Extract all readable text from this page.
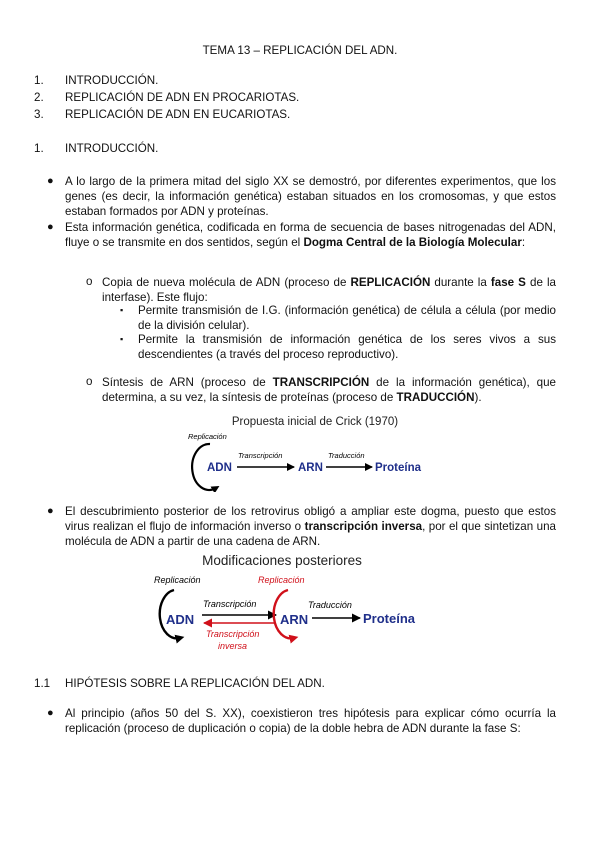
TEMA 13 – REPLICACIÓN DEL ADN.
1. INTRODUCCIÓN.
2. REPLICACIÓN DE ADN EN PROCARIOTAS.
3. REPLICACIÓN DE ADN EN EUCARIOTAS.
1. INTRODUCCIÓN.
● A lo largo de la primera mitad del siglo XX se demostró, por diferentes experimentos, que los genes (es decir, la información genética) estaban situados en los cromosomas, y que estos estaban formados por ADN y proteínas.

● Esta información genética, codificada en forma de secuencia de bases nitrogenadas del ADN, fluye o se transmite en dos sentidos, según el Dogma Central de la Biología Molecular:

o Copia de nueva molécula de ADN (proceso de REPLICACIÓN durante la fase S de la interfase). Este flujo:

▪ Permite transmisión de I.G. (información genética) de célula a célula (por medio de la división celular).

▪ Permite la transmisión de información genética de los seres vivos a sus descendientes (a través del proceso reproductivo).

o Síntesis de ARN (proceso de TRANSCRIPCIÓN de la información genética), que determina, a su vez, la síntesis de proteínas (proceso de TRADUCCIÓN).

Propuesta inicial de Crick (1970)
Replicación
ADN
Transcripción
ARN
Traducción
Proteína
● El descubrimiento posterior de los retrovirus obligó a ampliar este dogma, puesto que estos virus realizan el flujo de información inverso o transcripción inversa, por el que sintetizan una molécula de ADN a partir de una cadena de ARN.

Modificaciones posteriores
Replicación
ADN
Transcripción
Transcripción
inversa
Replicación
ARN
Traducción
Proteína
1.1 HIPÓTESIS SOBRE LA REPLICACIÓN DEL ADN.
● Al principio (años 50 del S. XX), coexistieron tres hipótesis para explicar cómo ocurría la replicación (proceso de duplicación o copia) de la doble hebra de ADN durante la fase S:
